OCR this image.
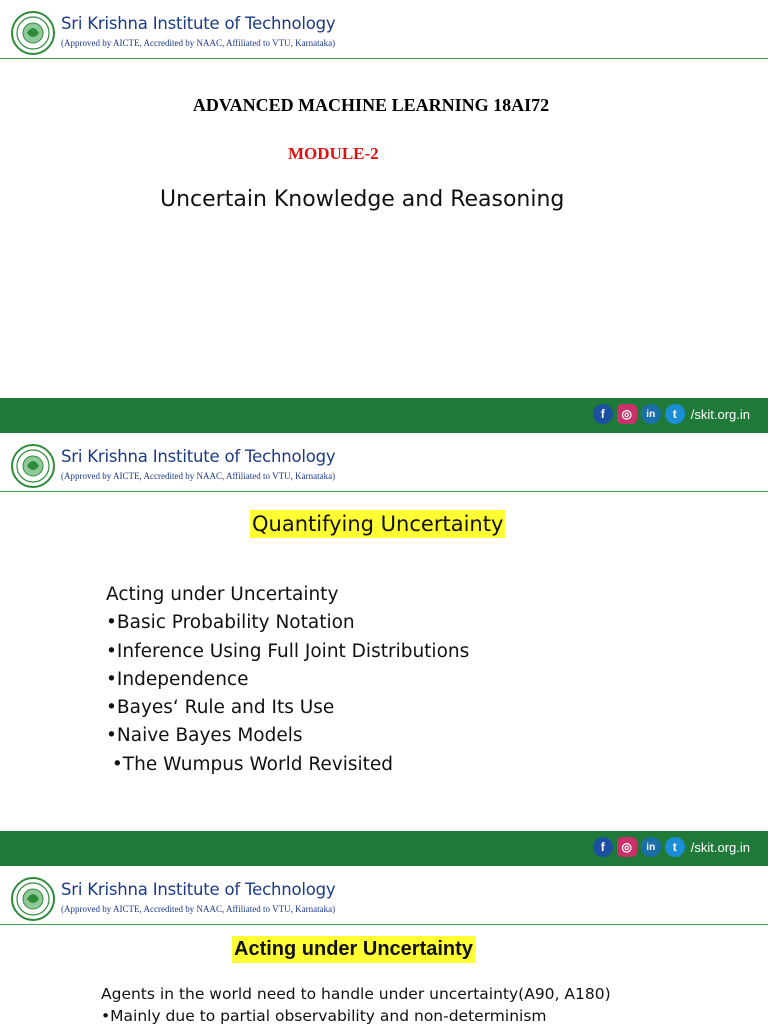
Sri Krishna Institute of Technology
(Approved by AICTE, Accredited by NAAC, Affiliated to VTU, Karnataka)
ADVANCED MACHINE LEARNING 18AI72
MODULE-2
Uncertain Knowledge and Reasoning
f	◎	in	t	/skit.org.in
Sri Krishna Institute of Technology
(Approved by AICTE, Accredited by NAAC, Affiliated to VTU, Karnataka)
Quantifying Uncertainty
Acting under Uncertainty
•Basic Probability Notation
•Inference Using Full Joint Distributions
•Independence
•Bayes‘ Rule and Its Use
•Naive Bayes Models
•The Wumpus World Revisited
f	◎	in	t	/skit.org.in
Sri Krishna Institute of Technology
(Approved by AICTE, Accredited by NAAC, Affiliated to VTU, Karnataka)
Acting under Uncertainty
Agents in the world need to handle under uncertainty(A90, A180)
•Mainly due to partial observability and non-determinism
